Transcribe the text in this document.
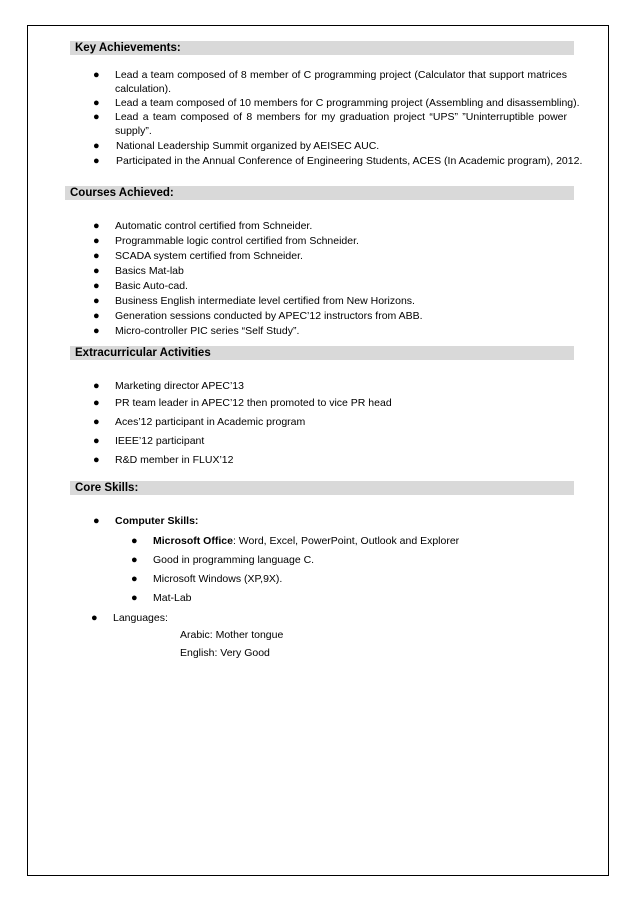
Key Achievements:
● Lead a team composed of 8 member of C programming project (Calculator that support matrices
calculation).
● Lead a team composed of 10 members for C programming project (Assembling and disassembling).
● Lead a team composed of 8 members for my graduation project “UPS” ”Uninterruptible power
supply”.
● National Leadership Summit organized by AEISEC AUC.
● Participated in the Annual Conference of Engineering Students, ACES (In Academic program), 2012.
Courses Achieved:
● Automatic control certified from Schneider.
● Programmable logic control certified from Schneider.
● SCADA system certified from Schneider.
● Basics Mat-lab
● Basic Auto-cad.
● Business English intermediate level certified from New Horizons.
● Generation sessions conducted by APEC’12 instructors from ABB.
● Micro-controller PIC series “Self Study”.
Extracurricular Activities
● Marketing director APEC’13
● PR team leader in APEC’12 then promoted to vice PR head
● Aces’12 participant in Academic program
● IEEE’12 participant
● R&D member in FLUX’12
Core Skills:
● Computer Skills:
● Microsoft Office: Word, Excel, PowerPoint, Outlook and Explorer
● Good in programming language C.
● Microsoft Windows (XP,9X).
● Mat-Lab
● Languages:
Arabic: Mother tongue
English: Very Good
